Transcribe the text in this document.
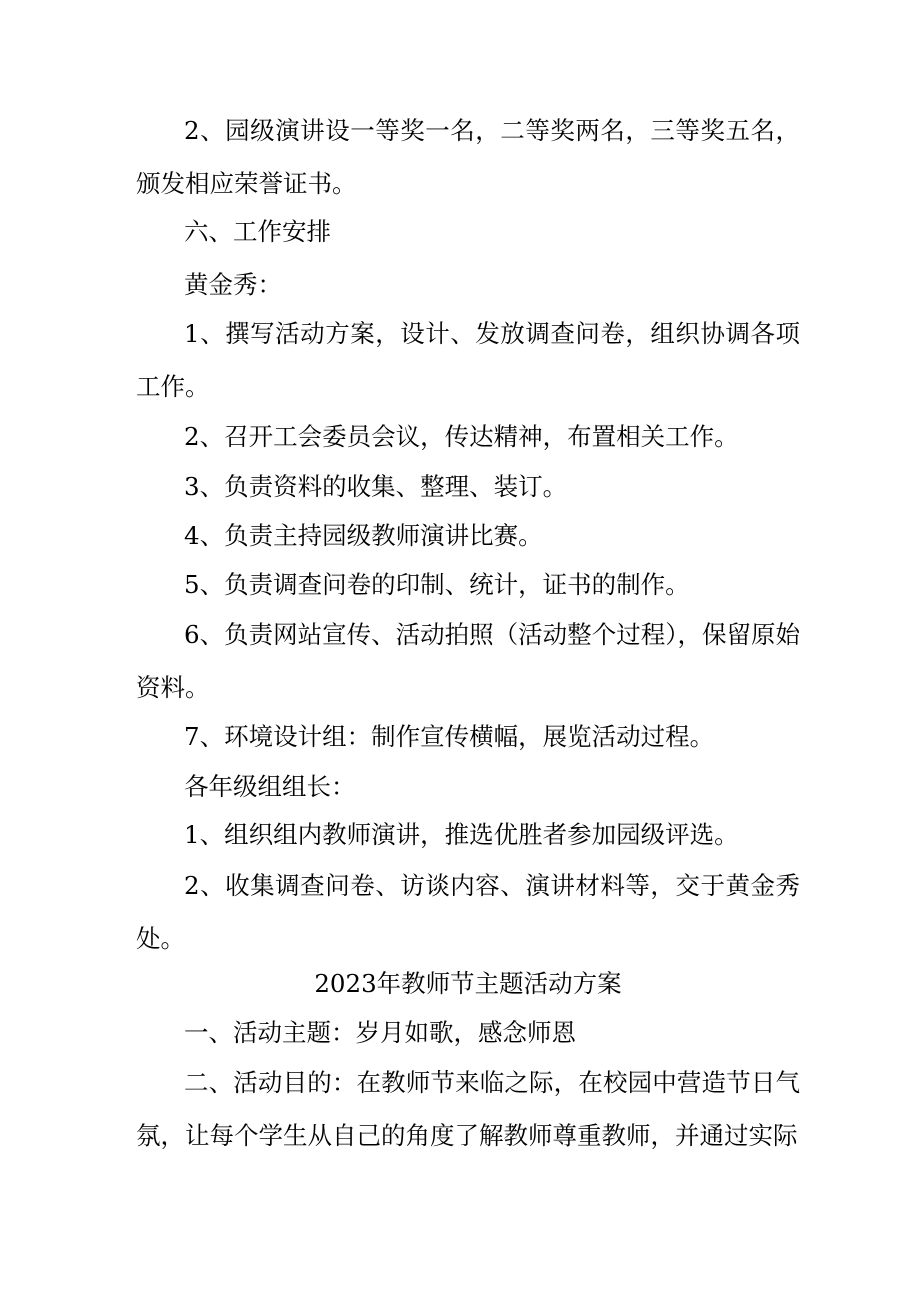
2、园级演讲设一等奖一名，二等奖两名，三等奖五名，颁发相应荣誉证书。

六、工作安排

黄金秀：

1、撰写活动方案，设计、发放调查问卷，组织协调各项工作。

2、召开工会委员会议，传达精神，布置相关工作。

3、负责资料的收集、整理、装订。

4、负责主持园级教师演讲比赛。

5、负责调查问卷的印制、统计，证书的制作。

6、负责网站宣传、活动拍照（活动整个过程），保留原始资料。

7、环境设计组：制作宣传横幅，展览活动过程。

各年级组组长：

1、组织组内教师演讲，推选优胜者参加园级评选。

2、收集调查问卷、访谈内容、演讲材料等，交于黄金秀处。

2023年教师节主题活动方案

一、活动主题：岁月如歌，感念师恩

二、活动目的：在教师节来临之际，在校园中营造节日气氛，让每个学生从自己的角度了解教师尊重教师，并通过实际
